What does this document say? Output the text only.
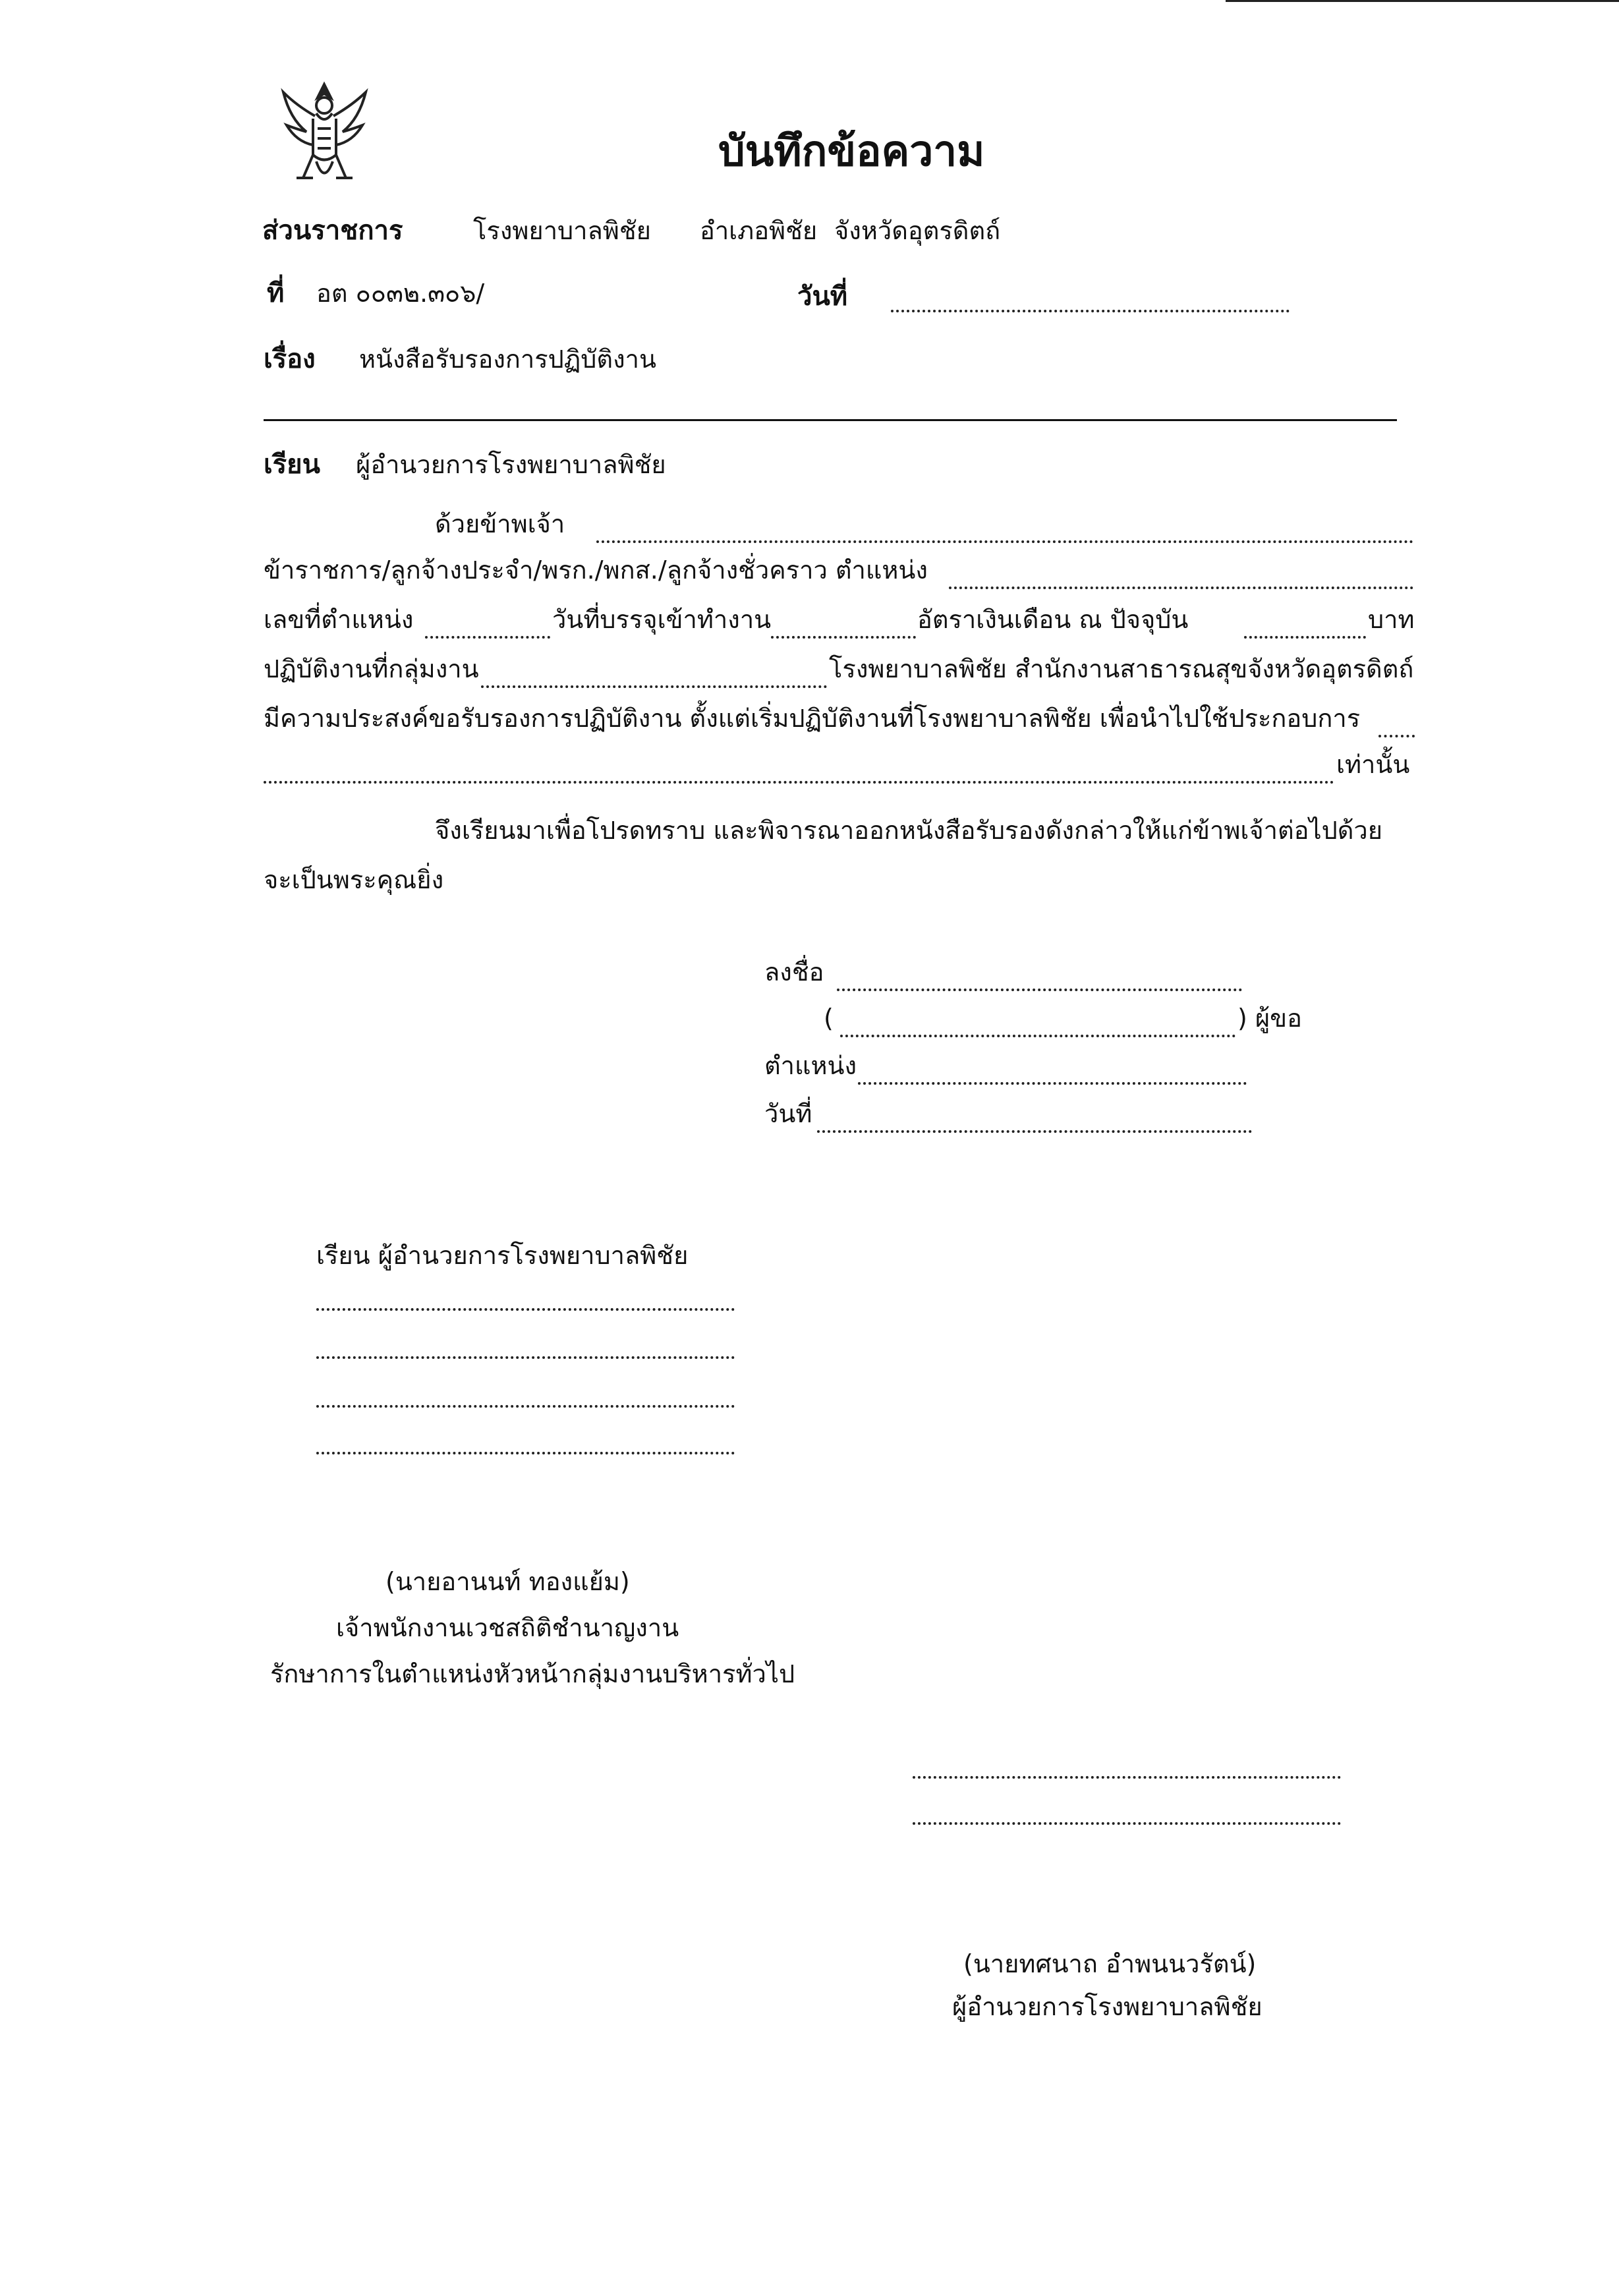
บันทึกข้อความ
ส่วนราชการ	โรงพยาบาลพิชัย อำเภอพิชัย จังหวัดอุตรดิตถ์
ที่ อต ๐๐๓๒.๓๐๖/	วันที่
เรื่อง หนังสือรับรองการปฏิบัติงาน
เรียน ผู้อำนวยการโรงพยาบาลพิชัย
ด้วยข้าพเจ้า
ข้าราชการ/ลูกจ้างประจำ/พรก./พกส./ลูกจ้างชั่วคราว ตำแหน่ง
เลขที่ตำแหน่ง	วันที่บรรจุเข้าทำงาน	อัตราเงินเดือน ณ ปัจจุบัน	บาท
ปฏิบัติงานที่กลุ่มงาน	โรงพยาบาลพิชัย สำนักงานสาธารณสุขจังหวัดอุตรดิตถ์
มีความประสงค์ขอรับรองการปฏิบัติงาน ตั้งแต่เริ่มปฏิบัติงานที่โรงพยาบาลพิชัย เพื่อนำไปใช้ประกอบการ
เท่านั้น
จึงเรียนมาเพื่อโปรดทราบ และพิจารณาออกหนังสือรับรองดังกล่าวให้แก่ข้าพเจ้าต่อไปด้วย
จะเป็นพระคุณยิ่ง
ลงชื่อ
(	) ผู้ขอ
ตำแหน่ง
วันที่
เรียน ผู้อำนวยการโรงพยาบาลพิชัย
(นายอานนท์ ทองแย้ม)
เจ้าพนักงานเวชสถิติชำนาญงาน
รักษาการในตำแหน่งหัวหน้ากลุ่มงานบริหารทั่วไป
(นายทศนาถ อำพนนวรัตน์)
ผู้อำนวยการโรงพยาบาลพิชัย
